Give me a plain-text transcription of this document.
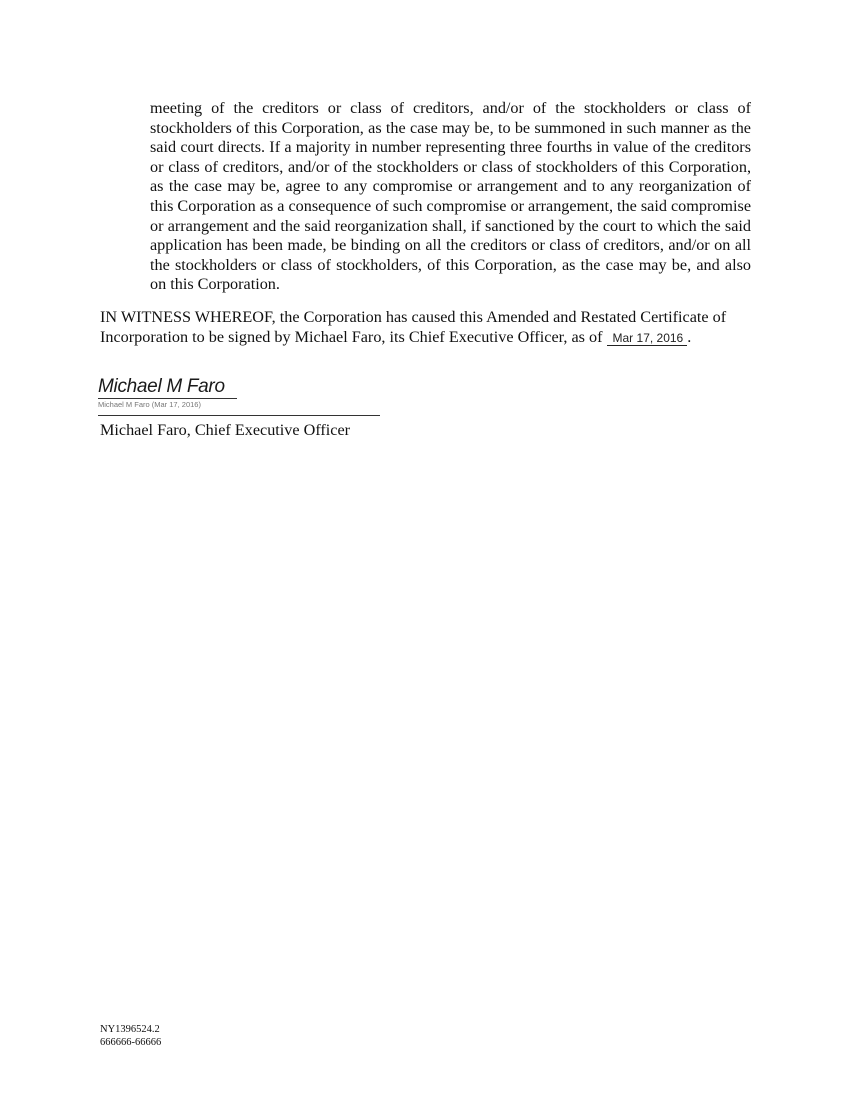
meeting of the creditors or class of creditors, and/or of the stockholders or class of stockholders of this Corporation, as the case may be, to be summoned in such manner as the said court directs. If a majority in number representing three fourths in value of the creditors or class of creditors, and/or of the stockholders or class of stockholders of this Corporation, as the case may be, agree to any compromise or arrangement and to any reorganization of this Corporation as a consequence of such compromise or arrangement, the said compromise or arrangement and the said reorganization shall, if sanctioned by the court to which the said application has been made, be binding on all the creditors or class of creditors, and/or on all the stockholders or class of stockholders, of this Corporation, as the case may be, and also on this Corporation.

IN WITNESS WHEREOF, the Corporation has caused this Amended and Restated Certificate of Incorporation to be signed by Michael Faro, its Chief Executive Officer, as of Mar 17, 2016 .

Michael M Faro
Michael M Faro (Mar 17, 2016)
Michael Faro, Chief Executive Officer
NY1396524.2
666666-66666
